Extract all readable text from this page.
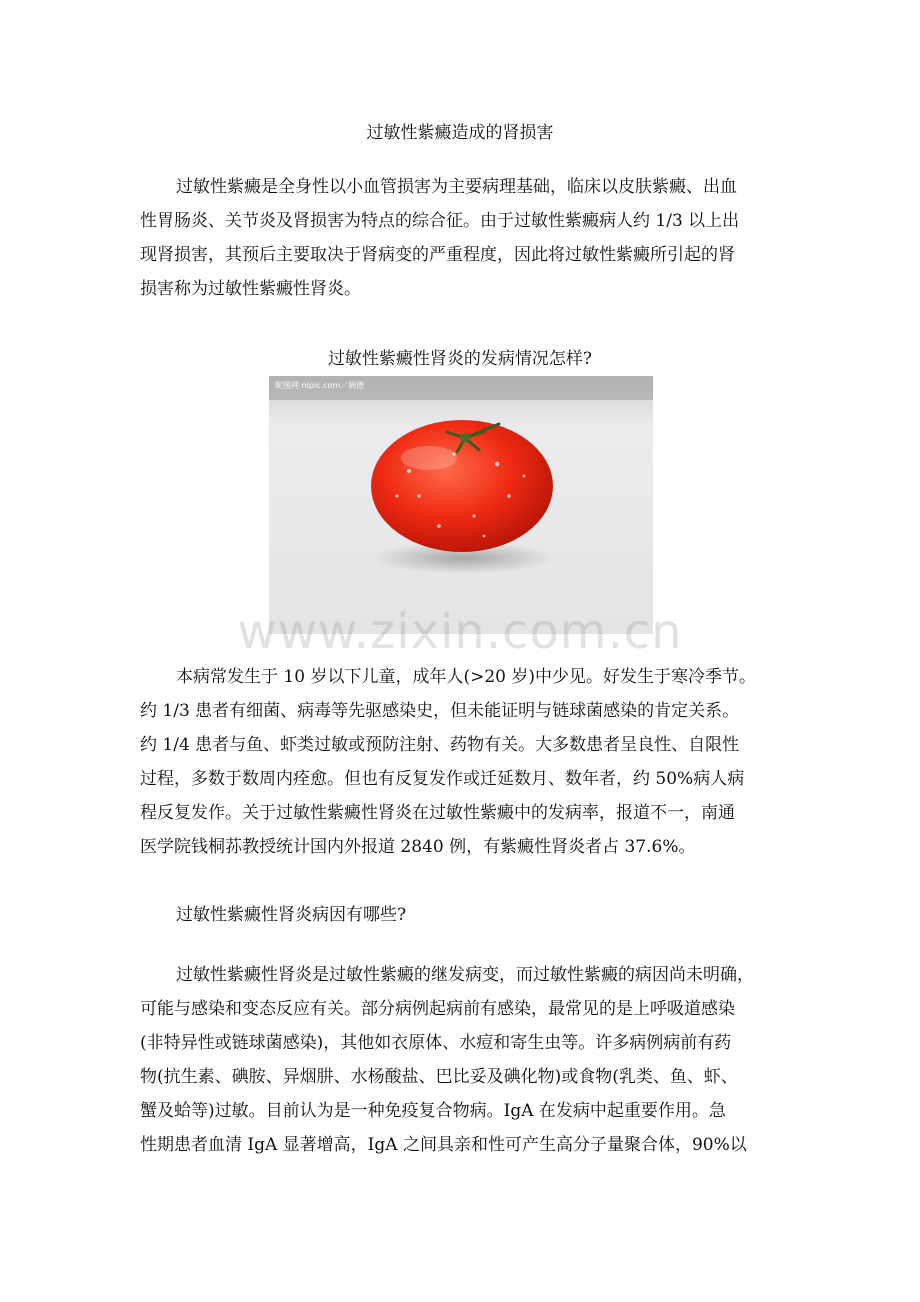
过敏性紫癜造成的肾损害
过敏性紫癜是全身性以小血管损害为主要病理基础，临床以皮肤紫癜、出血
性胃肠炎、关节炎及肾损害为特点的综合征。由于过敏性紫癜病人约 1/3 以上出
现肾损害，其预后主要取决于肾病变的严重程度，因此将过敏性紫癜所引起的肾
损害称为过敏性紫癜性肾炎。
过敏性紫癜性肾炎的发病情况怎样?
昵图网 nipic.com／阔德
www.zixin.com.cn
本病常发生于 10 岁以下儿童，成年人(>20 岁)中少见。好发生于寒冷季节。
约 1/3 患者有细菌、病毒等先驱感染史，但未能证明与链球菌感染的肯定关系。
约 1/4 患者与鱼、虾类过敏或预防注射、药物有关。大多数患者呈良性、自限性
过程，多数于数周内痊愈。但也有反复发作或迁延数月、数年者，约 50%病人病
程反复发作。关于过敏性紫癜性肾炎在过敏性紫癜中的发病率，报道不一，南通
医学院钱桐荪教授统计国内外报道 2840 例，有紫癜性肾炎者占 37.6%。
过敏性紫癜性肾炎病因有哪些?
过敏性紫癜性肾炎是过敏性紫癜的继发病变，而过敏性紫癜的病因尚未明确，
可能与感染和变态反应有关。部分病例起病前有感染，最常见的是上呼吸道感染
(非特异性或链球菌感染)，其他如衣原体、水痘和寄生虫等。许多病例病前有药
物(抗生素、碘胺、异烟肼、水杨酸盐、巴比妥及碘化物)或食物(乳类、鱼、虾、
蟹及蛤等)过敏。目前认为是一种免疫复合物病。IgA 在发病中起重要作用。急
性期患者血清 IgA 显著增高，IgA 之间具亲和性可产生高分子量聚合体，90%以
